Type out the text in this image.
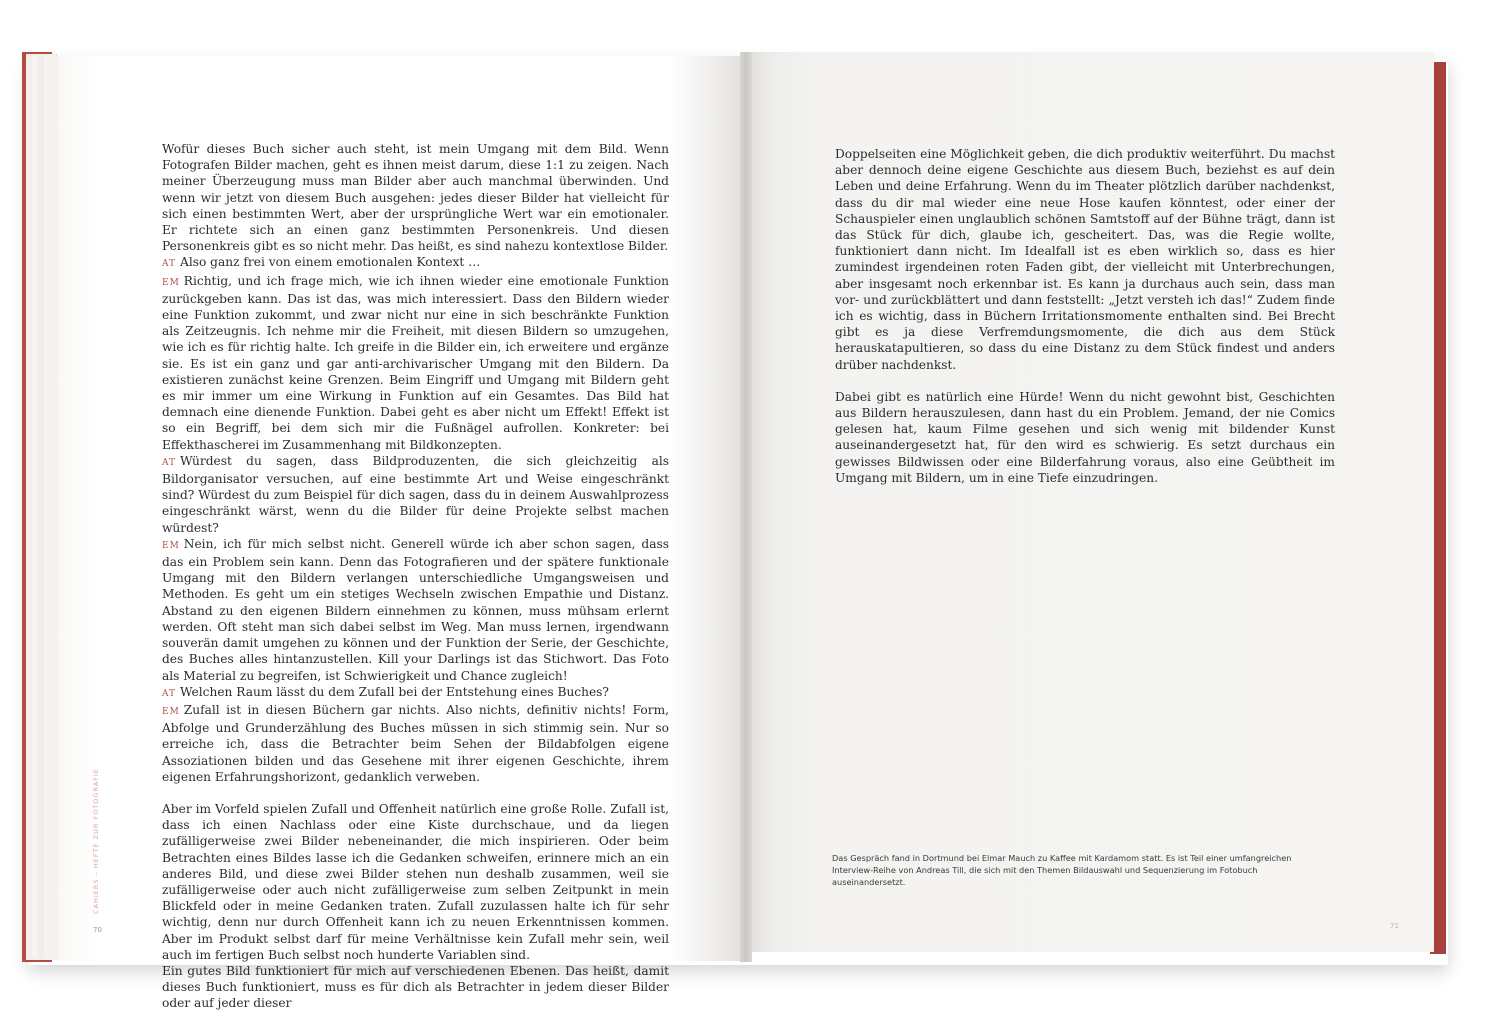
Wofür dieses Buch sicher auch steht, ist mein Umgang mit dem Bild. Wenn Fotografen Bilder machen, geht es ihnen meist darum, diese 1:1 zu zeigen. Nach meiner Überzeugung muss man Bilder aber auch manchmal überwinden. Und wenn wir jetzt von diesem Buch ausgehen: jedes dieser Bilder hat vielleicht für sich einen bestimmten Wert, aber der ursprüngliche Wert war ein emotionaler. Er richtete sich an einen ganz bestimmten Personenkreis. Und diesen Personenkreis gibt es so nicht mehr. Das heißt, es sind nahezu kontextlose Bilder.

AT Also ganz frei von einem emotionalen Kontext …

EM Richtig, und ich frage mich, wie ich ihnen wieder eine emotionale Funktion zurückgeben kann. Das ist das, was mich interessiert. Dass den Bildern wieder eine Funktion zukommt, und zwar nicht nur eine in sich beschränkte Funktion als Zeitzeugnis. Ich nehme mir die Freiheit, mit diesen Bildern so umzugehen, wie ich es für richtig halte. Ich greife in die Bilder ein, ich erweitere und ergänze sie. Es ist ein ganz und gar anti-archivarischer Umgang mit den Bildern. Da existieren zunächst keine Grenzen. Beim Eingriff und Umgang mit Bildern geht es mir immer um eine Wirkung in Funktion auf ein Gesamtes. Das Bild hat demnach eine dienende Funktion. Dabei geht es aber nicht um Effekt! Effekt ist so ein Begriff, bei dem sich mir die Fußnägel aufrollen. Konkreter: bei Effekthascherei im Zusammenhang mit Bildkonzepten.

AT Würdest du sagen, dass Bildproduzenten, die sich gleichzeitig als Bildorganisator versuchen, auf eine bestimmte Art und Weise eingeschränkt sind? Würdest du zum Beispiel für dich sagen, dass du in deinem Auswahlprozess eingeschränkt wärst, wenn du die Bilder für deine Projekte selbst machen würdest?

EM Nein, ich für mich selbst nicht. Generell würde ich aber schon sagen, dass das ein Problem sein kann. Denn das Fotografieren und der spätere funktionale Umgang mit den Bildern verlangen unterschiedliche Umgangsweisen und Methoden. Es geht um ein stetiges Wechseln zwischen Empathie und Distanz. Abstand zu den eigenen Bildern einnehmen zu können, muss mühsam erlernt werden. Oft steht man sich dabei selbst im Weg. Man muss lernen, irgendwann souverän damit umgehen zu können und der Funktion der Serie, der Geschichte, des Buches alles hintanzustellen. Kill your Darlings ist das Stichwort. Das Foto als Material zu begreifen, ist Schwierigkeit und Chance zugleich!

AT Welchen Raum lässt du dem Zufall bei der Entstehung eines Buches?

EM Zufall ist in diesen Büchern gar nichts. Also nichts, definitiv nichts! Form, Abfolge und Grunderzählung des Buches müssen in sich stimmig sein. Nur so erreiche ich, dass die Betrachter beim Sehen der Bildabfolgen eigene Assoziationen bilden und das Gesehene mit ihrer eigenen Geschichte, ihrem eigenen Erfahrungshorizont, gedanklich verweben.

Aber im Vorfeld spielen Zufall und Offenheit natürlich eine große Rolle. Zufall ist, dass ich einen Nachlass oder eine Kiste durchschaue, und da liegen zufälligerweise zwei Bilder nebeneinander, die mich inspirieren. Oder beim Betrachten eines Bildes lasse ich die Gedanken schweifen, erinnere mich an ein anderes Bild, und diese zwei Bilder stehen nun deshalb zusammen, weil sie zufälligerweise oder auch nicht zufälligerweise zum selben Zeitpunkt in mein Blickfeld oder in meine Gedanken traten. Zufall zuzulassen halte ich für sehr wichtig, denn nur durch Offenheit kann ich zu neuen Erkenntnissen kommen. Aber im Produkt selbst darf für meine Verhältnisse kein Zufall mehr sein, weil auch im fertigen Buch selbst noch hunderte Variablen sind.

Ein gutes Bild funktioniert für mich auf verschiedenen Ebenen. Das heißt, damit dieses Buch funktioniert, muss es für dich als Betrachter in jedem dieser Bilder oder auf jeder dieser

CAHIERS – HEFTE ZUR FOTOGRAFIE
70

Doppelseiten eine Möglichkeit geben, die dich produktiv weiterführt. Du machst aber dennoch deine eigene Geschichte aus diesem Buch, beziehst es auf dein Leben und deine Erfahrung. Wenn du im Theater plötzlich darüber nachdenkst, dass du dir mal wieder eine neue Hose kaufen könntest, oder einer der Schauspieler einen unglaublich schönen Samtstoff auf der Bühne trägt, dann ist das Stück für dich, glaube ich, gescheitert. Das, was die Regie wollte, funktioniert dann nicht. Im Idealfall ist es eben wirklich so, dass es hier zumindest irgendeinen roten Faden gibt, der vielleicht mit Unterbrechungen, aber insgesamt noch erkennbar ist. Es kann ja durchaus auch sein, dass man vor- und zurückblättert und dann feststellt: „Jetzt versteh ich das!“ Zudem finde ich es wichtig, dass in Büchern Irritationsmomente enthalten sind. Bei Brecht gibt es ja diese Verfremdungsmomente, die dich aus dem Stück herauskatapultieren, so dass du eine Distanz zu dem Stück findest und anders drüber nachdenkst.

Dabei gibt es natürlich eine Hürde! Wenn du nicht gewohnt bist, Geschichten aus Bildern herauszulesen, dann hast du ein Problem. Jemand, der nie Comics gelesen hat, kaum Filme gesehen und sich wenig mit bildender Kunst auseinandergesetzt hat, für den wird es schwierig. Es setzt durchaus ein gewisses Bildwissen oder eine Bilderfahrung voraus, also eine Geübtheit im Umgang mit Bildern, um in eine Tiefe einzudringen.

Das Gespräch fand in Dortmund bei Elmar Mauch zu Kaffee mit Kardamom statt. Es ist Teil einer umfangreichen Interview-Reihe von Andreas Till, die sich mit den Themen Bildauswahl und Sequenzierung im Fotobuch auseinandersetzt.
71
